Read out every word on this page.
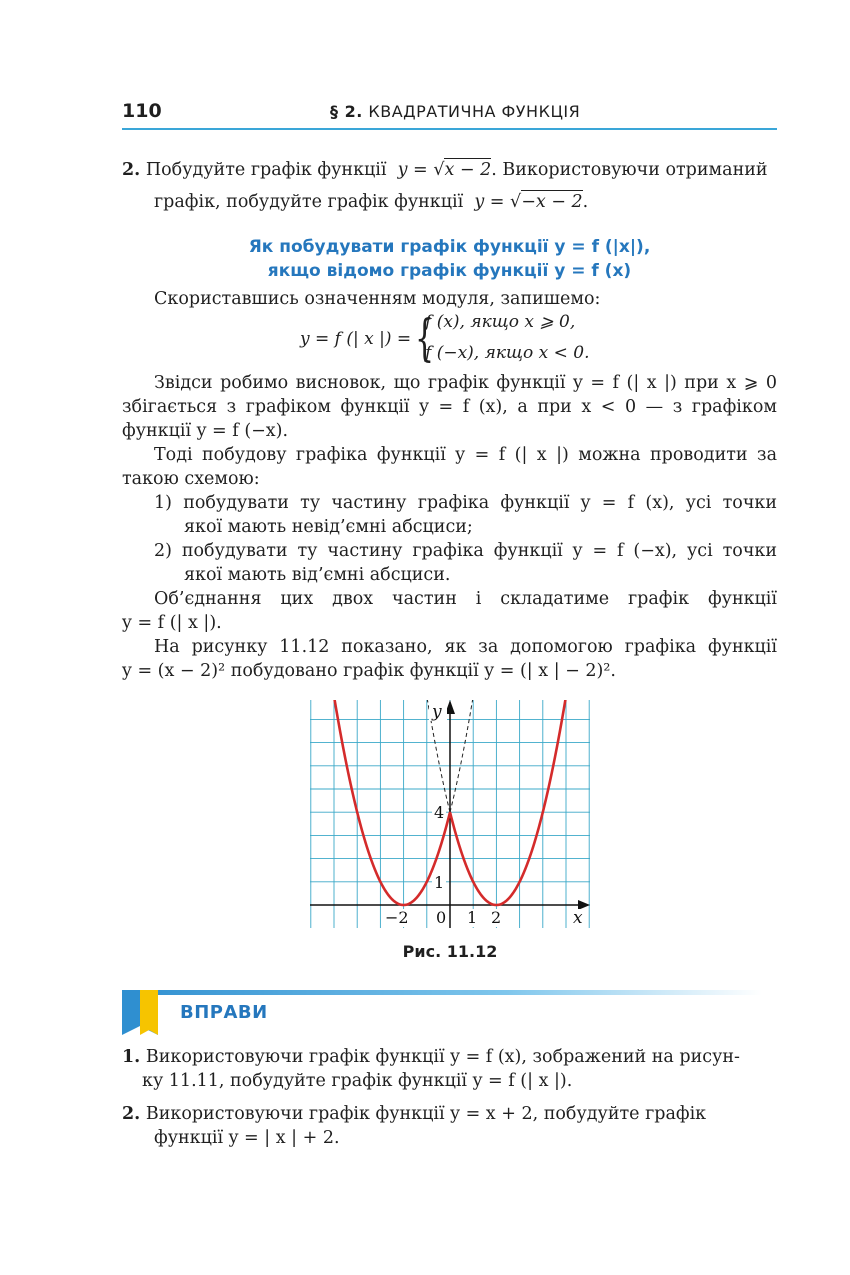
110	§ 2. КВАДРАТИЧНА ФУНКЦІЯ
2. Побудуйте графік функції y = √x − 2. Використовуючи отриманий
графік, побудуйте графік функції y = √−x − 2.
Як побудувати графік функції y = f (|x|),
якщо відомо графік функції y = f (x)
Скориставшись означенням модуля, запишемо:
y = f (| x |) = {
f (x), якщо x ⩾ 0,
f (−x), якщо x < 0.
Звідси робимо висновок, що графік функції y = f (| x |) при x ⩾ 0
збігається з графіком функції y = f (x), а при x < 0 — з графіком
функції y = f (−x).
Тоді побудову графіка функції y = f (| x |) можна проводити за
такою схемою:
1) побудувати ту частину графіка функції y = f (x), усі точки
якої мають невід’ємні абсциси;
2) побудувати ту частину графіка функції y = f (−x), усі точки
якої мають від’ємні абсциси.
Об’єднання цих двох частин і складатиме графік функції
y = f (| x |).
На рисунку 11.12 показано, як за допомогою графіка функції
y = (x − 2)² побудовано графік функції y = (| x | − 2)².
y
x
4
1
−2 0 1 2
Рис. 11.12
ВПРАВИ
1. Використовуючи графік функції y = f (x), зображений на рисун-
ку 11.11, побудуйте графік функції y = f (| x |).
2. Використовуючи графік функції y = x + 2, побудуйте графік
функції y = | x | + 2.
